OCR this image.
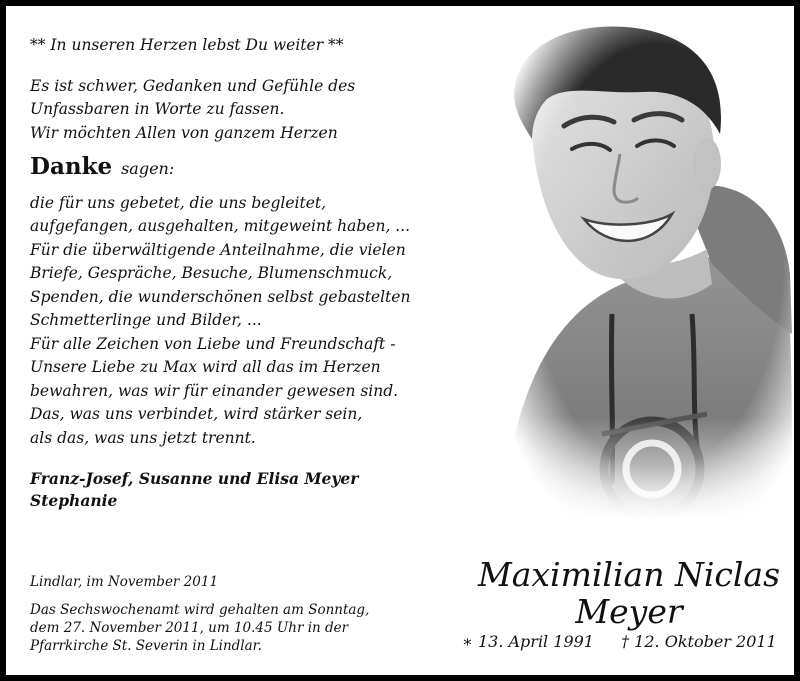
** In unseren Herzen lebst Du weiter **

Es ist schwer, Gedanken und Gefühle des

Unfassbaren in Worte zu fassen.

Wir möchten Allen von ganzem Herzen

Danke sagen:

die für uns gebetet, die uns begleitet,

aufgefangen, ausgehalten, mitgeweint haben, ...

Für die überwältigende Anteilnahme, die vielen

Briefe, Gespräche, Besuche, Blumenschmuck,

Spenden, die wunderschönen selbst gebastelten

Schmetterlinge und Bilder, ...

Für alle Zeichen von Liebe und Freundschaft -

Unsere Liebe zu Max wird all das im Herzen

bewahren, was wir für einander gewesen sind.

Das, was uns verbindet, wird stärker sein,

als das, was uns jetzt trennt.

Franz-Josef, Susanne und Elisa Meyer

Stephanie

Lindlar, im November 2011

Das Sechswochenamt wird gehalten am Sonntag,

dem 27. November 2011, um 10.45 Uhr in der

Pfarrkirche St. Severin in Lindlar.

Maximilian Niclas
Meyer
∗ 13. April 1991 † 12. Oktober 2011
